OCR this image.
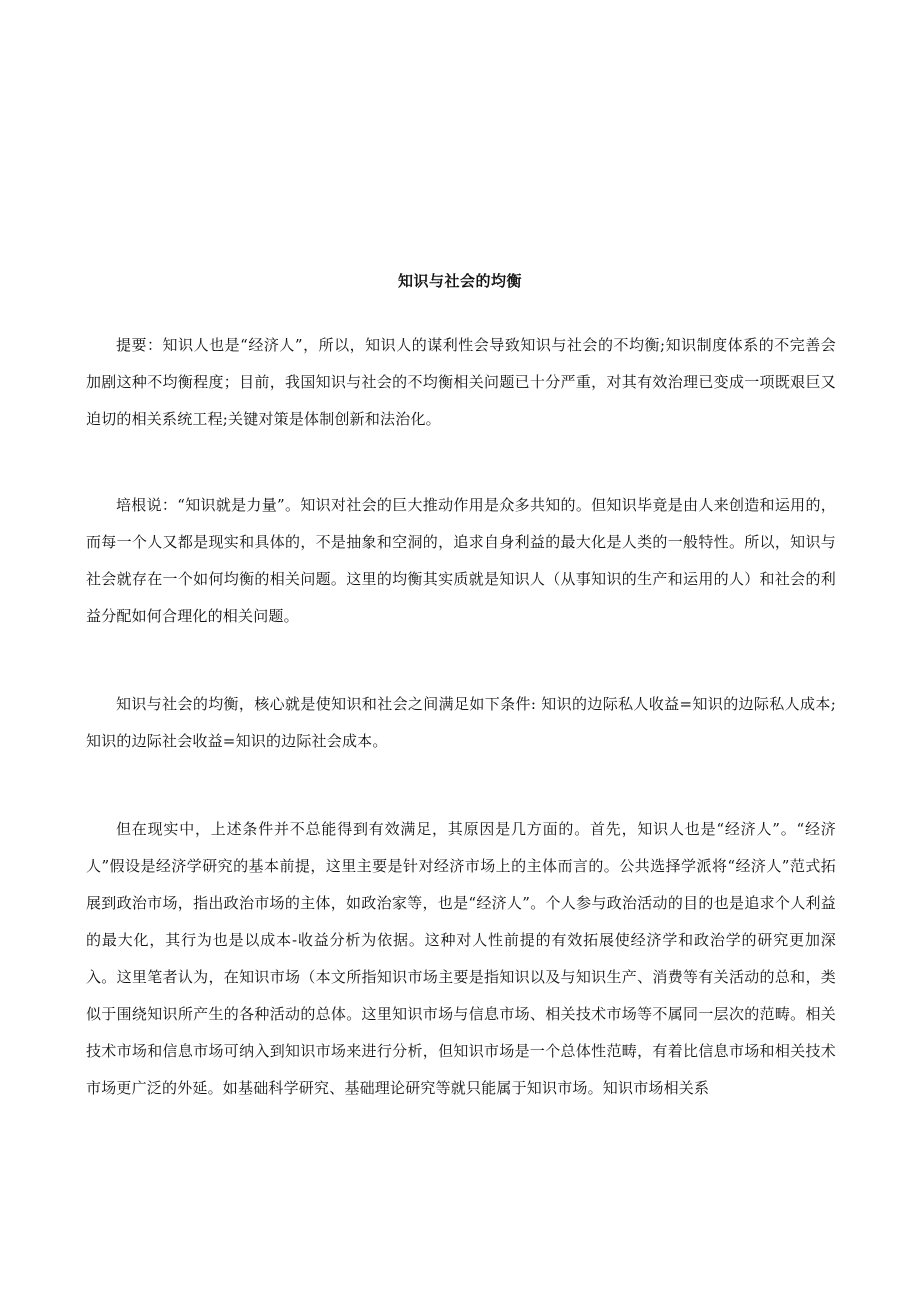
知识与社会的均衡

提要：知识人也是“经济人”，所以，知识人的谋利性会导致知识与社会的不均衡;知识制度体系的不完善会加剧这种不均衡程度；目前，我国知识与社会的不均衡相关问题已十分严重，对其有效治理已变成一项既艰巨又迫切的相关系统工程;关键对策是体制创新和法治化。

培根说：“知识就是力量”。知识对社会的巨大推动作用是众多共知的。但知识毕竟是由人来创造和运用的，而每一个人又都是现实和具体的，不是抽象和空洞的，追求自身利益的最大化是人类的一般特性。所以，知识与社会就存在一个如何均衡的相关问题。这里的均衡其实质就是知识人（从事知识的生产和运用的人）和社会的利益分配如何合理化的相关问题。

知识与社会的均衡，核心就是使知识和社会之间满足如下条件: 知识的边际私人收益=知识的边际私人成本;知识的边际社会收益=知识的边际社会成本。

但在现实中，上述条件并不总能得到有效满足，其原因是几方面的。首先，知识人也是“经济人”。“经济人”假设是经济学研究的基本前提，这里主要是针对经济市场上的主体而言的。公共选择学派将“经济人”范式拓展到政治市场，指出政治市场的主体，如政治家等，也是“经济人”。个人参与政治活动的目的也是追求个人利益的最大化，其行为也是以成本-收益分析为依据。这种对人性前提的有效拓展使经济学和政治学的研究更加深入。这里笔者认为，在知识市场（本文所指知识市场主要是指知识以及与知识生产、消费等有关活动的总和，类似于围绕知识所产生的各种活动的总体。这里知识市场与信息市场、相关技术市场等不属同一层次的范畴。相关技术市场和信息市场可纳入到知识市场来进行分析，但知识市场是一个总体性范畴，有着比信息市场和相关技术市场更广泛的外延。如基础科学研究、基础理论研究等就只能属于知识市场。知识市场相关系
